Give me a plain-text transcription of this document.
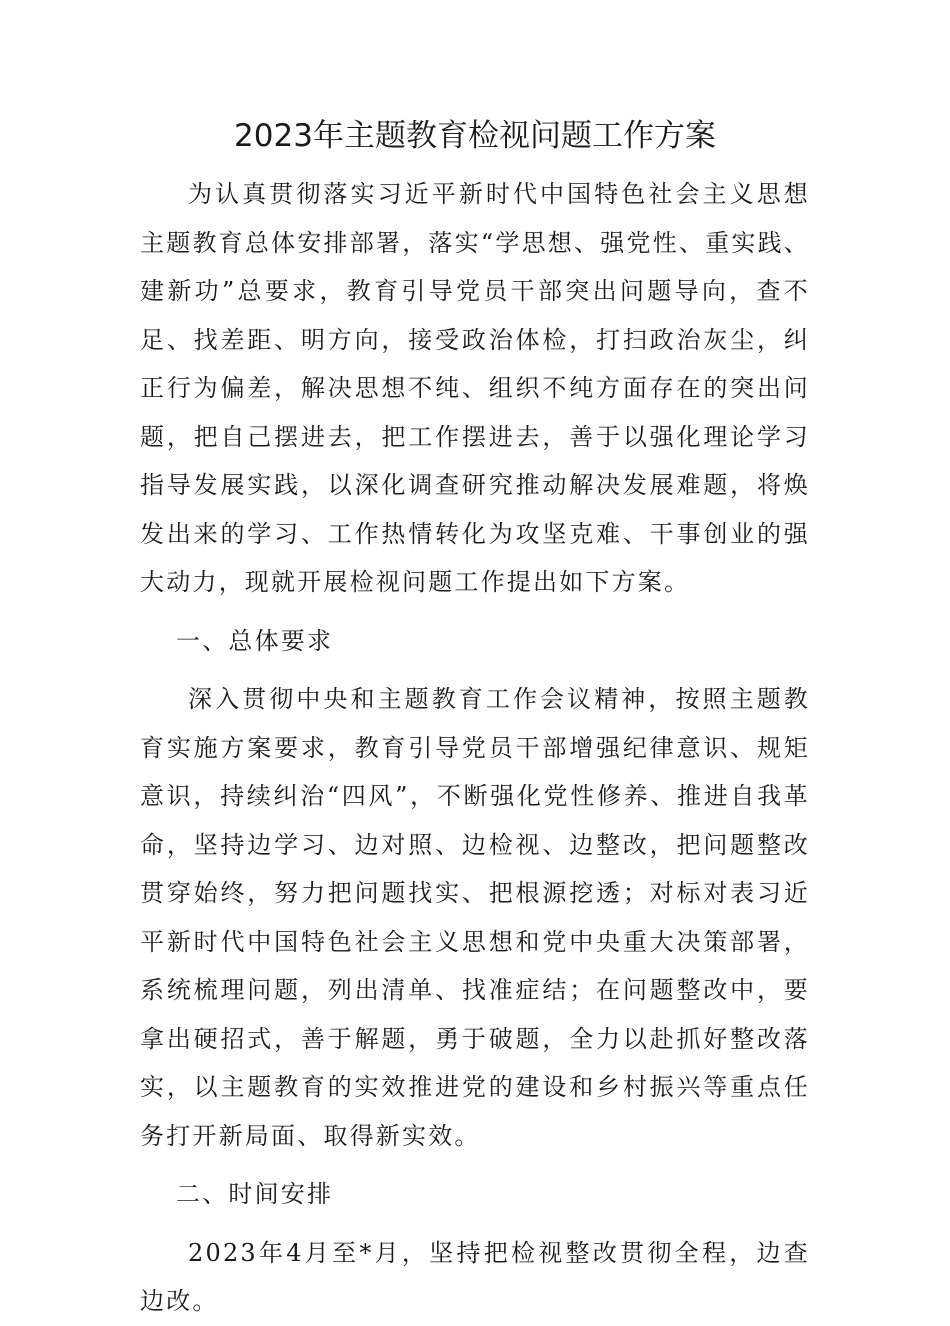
2023年主题教育检视问题工作方案

为认真贯彻落实习近平新时代中国特色社会主义思想主题教育总体安排部署，落实“学思想、强党性、重实践、建新功”总要求，教育引导党员干部突出问题导向，查不足、找差距、明方向，接受政治体检，打扫政治灰尘，纠正行为偏差，解决思想不纯、组织不纯方面存在的突出问题，把自己摆进去，把工作摆进去，善于以强化理论学习指导发展实践，以深化调查研究推动解决发展难题，将焕发出来的学习、工作热情转化为攻坚克难、干事创业的强大动力，现就开展检视问题工作提出如下方案。

一、总体要求

深入贯彻中央和主题教育工作会议精神，按照主题教育实施方案要求，教育引导党员干部增强纪律意识、规矩意识，持续纠治“四风”，不断强化党性修养、推进自我革命，坚持边学习、边对照、边检视、边整改，把问题整改贯穿始终，努力把问题找实、把根源挖透；对标对表习近平新时代中国特色社会主义思想和党中央重大决策部署，系统梳理问题，列出清单、找准症结；在问题整改中，要拿出硬招式，善于解题，勇于破题，全力以赴抓好整改落实，以主题教育的实效推进党的建设和乡村振兴等重点任务打开新局面、取得新实效。

二、时间安排

2023年4月至*月，坚持把检视整改贯彻全程，边查边改。
